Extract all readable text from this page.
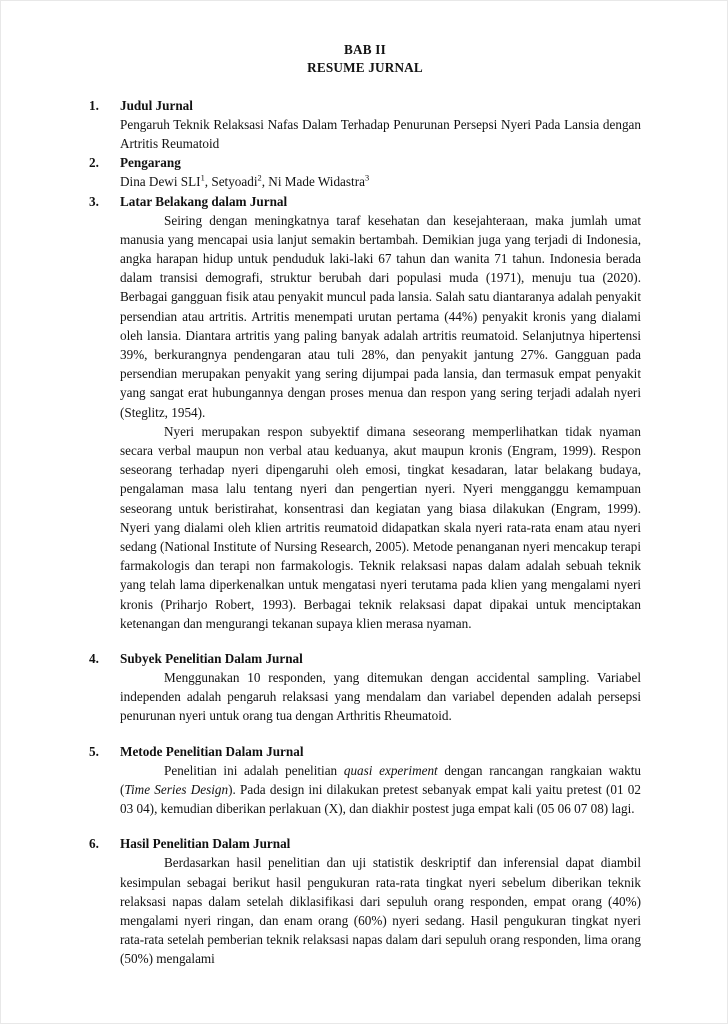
BAB II
RESUME JURNAL
1.	Judul Jurnal

Pengaruh Teknik Relaksasi Nafas Dalam Terhadap Penurunan Persepsi Nyeri Pada Lansia dengan Artritis Reumatoid

2.	Pengarang

Dina Dewi SLI$^1$, Setyoadi$^2$, Ni Made Widastra$^3$

3.	Latar Belakang dalam Jurnal

Seiring dengan meningkatnya taraf kesehatan dan kesejahteraan, maka jumlah umat manusia yang mencapai usia lanjut semakin bertambah. Demikian juga yang terjadi di Indonesia, angka harapan hidup untuk penduduk laki-laki 67 tahun dan wanita 71 tahun. Indonesia berada dalam transisi demografi, struktur berubah dari populasi muda (1971), menuju tua (2020). Berbagai gangguan fisik atau penyakit muncul pada lansia. Salah satu diantaranya adalah penyakit persendian atau artritis. Artritis menempati urutan pertama (44%) penyakit kronis yang dialami oleh lansia. Diantara artritis yang paling banyak adalah artritis reumatoid. Selanjutnya hipertensi 39%, berkurangnya pendengaran atau tuli 28%, dan penyakit jantung 27%. Gangguan pada persendian merupakan penyakit yang sering dijumpai pada lansia, dan termasuk empat penyakit yang sangat erat hubungannya dengan proses menua dan respon yang sering terjadi adalah nyeri (Steglitz, 1954).

Nyeri merupakan respon subyektif dimana seseorang memperlihatkan tidak nyaman secara verbal maupun non verbal atau keduanya, akut maupun kronis (Engram, 1999). Respon seseorang terhadap nyeri dipengaruhi oleh emosi, tingkat kesadaran, latar belakang budaya, pengalaman masa lalu tentang nyeri dan pengertian nyeri. Nyeri mengganggu kemampuan seseorang untuk beristirahat, konsentrasi dan kegiatan yang biasa dilakukan (Engram, 1999). Nyeri yang dialami oleh klien artritis reumatoid didapatkan skala nyeri rata-rata enam atau nyeri sedang (National Institute of Nursing Research, 2005). Metode penanganan nyeri mencakup terapi farmakologis dan terapi non farmakologis. Teknik relaksasi napas dalam adalah sebuah teknik yang telah lama diperkenalkan untuk mengatasi nyeri terutama pada klien yang mengalami nyeri kronis (Priharjo Robert, 1993). Berbagai teknik relaksasi dapat dipakai untuk menciptakan ketenangan dan mengurangi tekanan supaya klien merasa nyaman.

4.	Subyek Penelitian Dalam Jurnal

Menggunakan 10 responden, yang ditemukan dengan accidental sampling. Variabel independen adalah pengaruh relaksasi yang mendalam dan variabel dependen adalah persepsi penurunan nyeri untuk orang tua dengan Arthritis Rheumatoid.

5.	Metode Penelitian Dalam Jurnal

Penelitian ini adalah penelitian quasi experiment dengan rancangan rangkaian waktu (Time Series Design). Pada design ini dilakukan pretest sebanyak empat kali yaitu pretest (01 02 03 04), kemudian diberikan perlakuan (X), dan diakhir postest juga empat kali (05 06 07 08) lagi.

6.	Hasil Penelitian Dalam Jurnal

Berdasarkan hasil penelitian dan uji statistik deskriptif dan inferensial dapat diambil kesimpulan sebagai berikut hasil pengukuran rata-rata tingkat nyeri sebelum diberikan teknik relaksasi napas dalam setelah diklasifikasi dari sepuluh orang responden, empat orang (40%) mengalami nyeri ringan, dan enam orang (60%) nyeri sedang. Hasil pengukuran tingkat nyeri rata-rata setelah pemberian teknik relaksasi napas dalam dari sepuluh orang responden, lima orang (50%) mengalami
